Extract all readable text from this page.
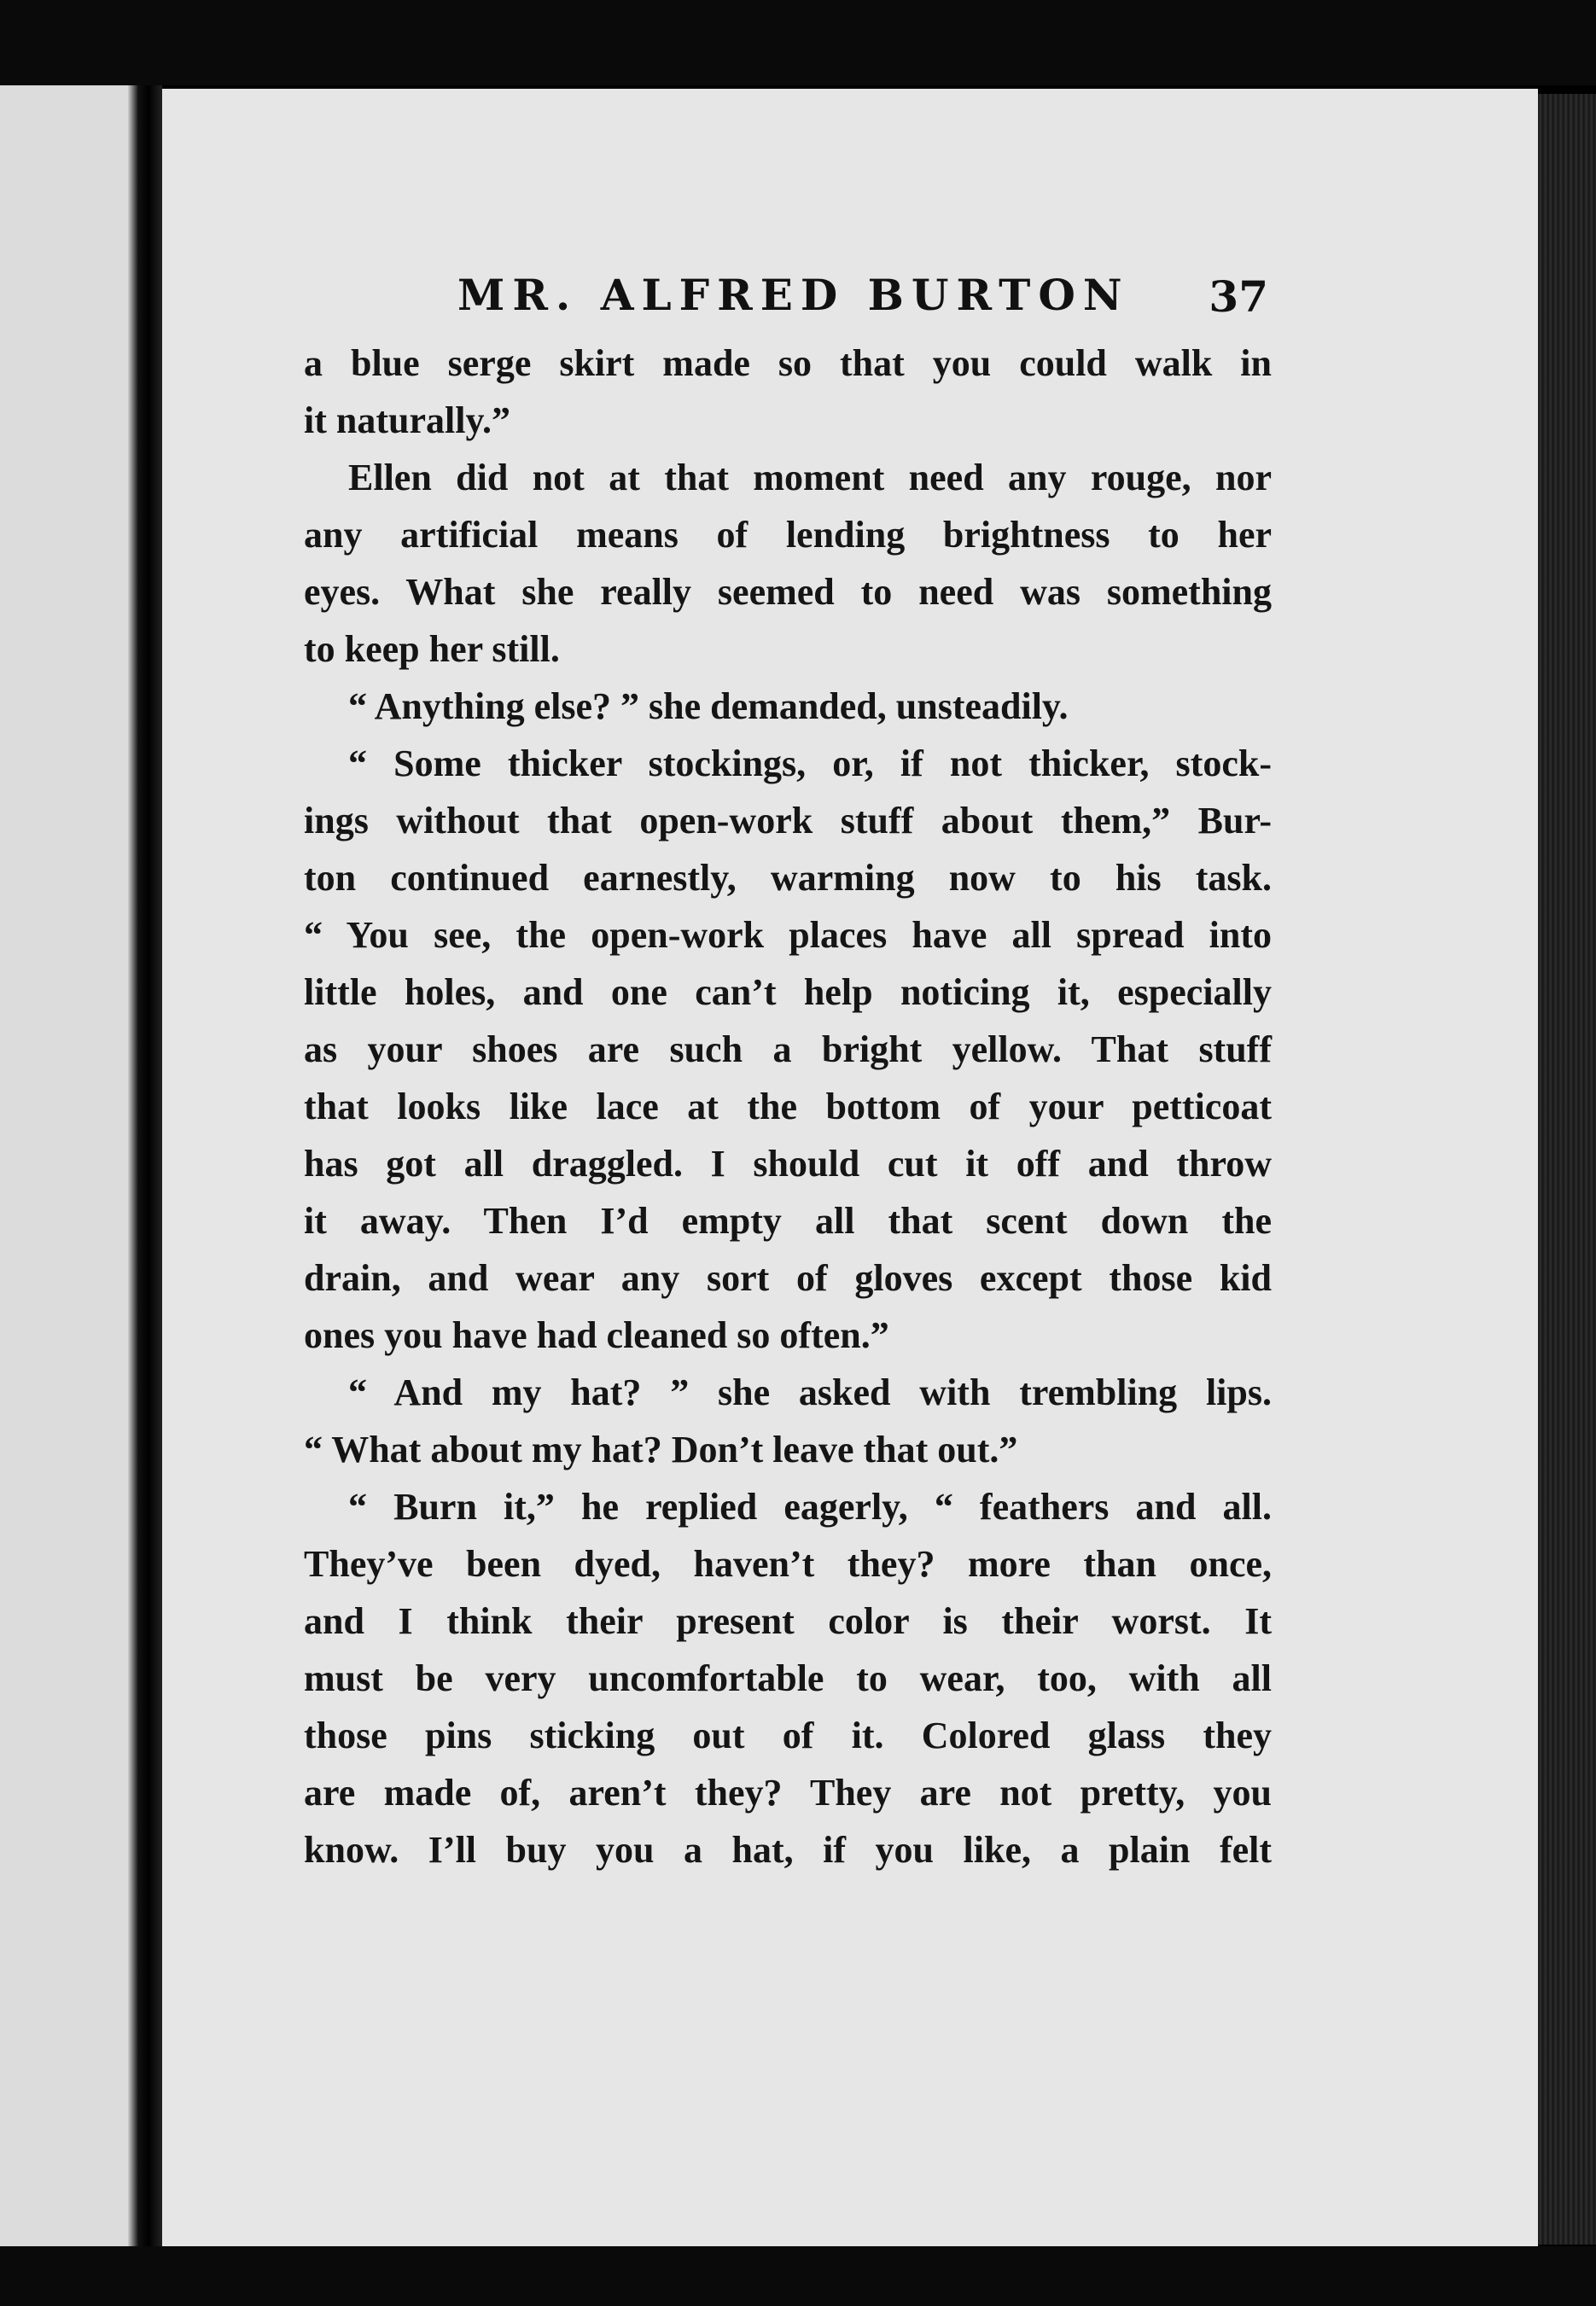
MR. ALFRED BURTON 37
a blue serge skirt made so that you could walk in
it naturally.”
Ellen did not at that moment need any rouge, nor
any artificial means of lending brightness to her
eyes. What she really seemed to need was something
to keep her still.
“ Anything else? ” she demanded, unsteadily.
“ Some thicker stockings, or, if not thicker, stock-
ings without that open-work stuff about them,” Bur-
ton continued earnestly, warming now to his task.
“ You see, the open-work places have all spread into
little holes, and one can’t help noticing it, especially
as your shoes are such a bright yellow. That stuff
that looks like lace at the bottom of your petticoat
has got all draggled. I should cut it off and throw
it away. Then I’d empty all that scent down the
drain, and wear any sort of gloves except those kid
ones you have had cleaned so often.”
“ And my hat? ” she asked with trembling lips.
“ What about my hat? Don’t leave that out.”
“ Burn it,” he replied eagerly, “ feathers and all.
They’ve been dyed, haven’t they? more than once,
and I think their present color is their worst. It
must be very uncomfortable to wear, too, with all
those pins sticking out of it. Colored glass they
are made of, aren’t they? They are not pretty, you
know. I’ll buy you a hat, if you like, a plain felt
